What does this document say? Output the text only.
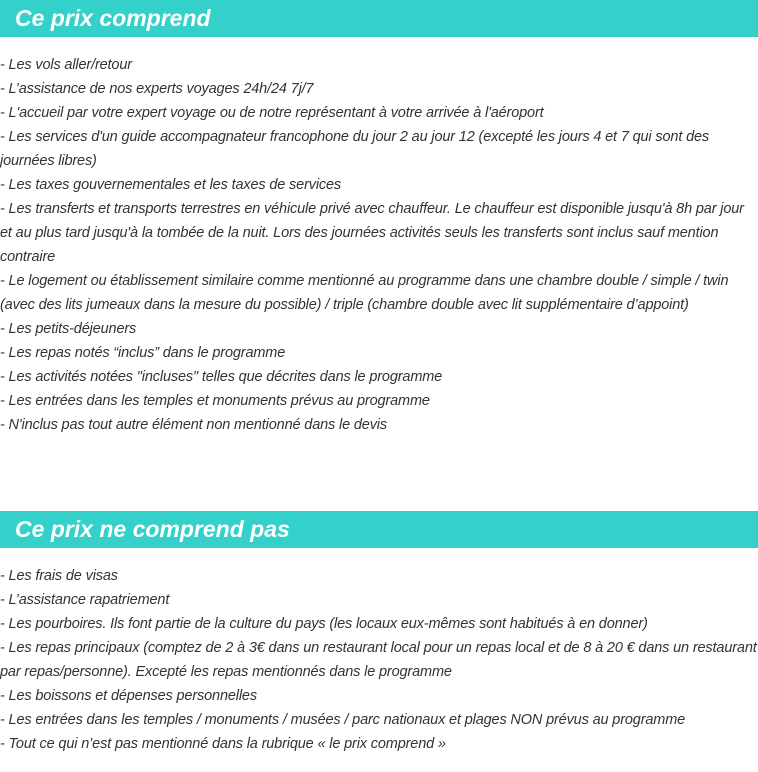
Ce prix comprend
- Les vols aller/retour
- L’assistance de nos experts voyages 24h/24 7j/7
- L'accueil par votre expert voyage ou de notre représentant à votre arrivée à l'aéroport
- Les services d'un guide accompagnateur francophone du jour 2 au jour 12 (excepté les jours 4 et 7 qui sont des journées libres)
- Les taxes gouvernementales et les taxes de services
- Les transferts et transports terrestres en véhicule privé avec chauffeur. Le chauffeur est disponible jusqu'à 8h par jour et au plus tard jusqu'à la tombée de la nuit. Lors des journées activités seuls les transferts sont inclus sauf mention contraire
- Le logement ou établissement similaire comme mentionné au programme dans une chambre double / simple / twin (avec des lits jumeaux dans la mesure du possible) / triple (chambre double avec lit supplémentaire d’appoint)
- Les petits-déjeuners
- Les repas notés “inclus” dans le programme
- Les activités notées "incluses" telles que décrites dans le programme
- Les entrées dans les temples et monuments prévus au programme
- N'inclus pas tout autre élément non mentionné dans le devis
Ce prix ne comprend pas
- Les frais de visas
- L’assistance rapatriement
- Les pourboires. Ils font partie de la culture du pays (les locaux eux-mêmes sont habitués à en donner)
- Les repas principaux (comptez de 2 à 3€ dans un restaurant local pour un repas local et de 8 à 20 € dans un restaurant par repas/personne). Excepté les repas mentionnés dans le programme
- Les boissons et dépenses personnelles
- Les entrées dans les temples / monuments / musées / parc nationaux et plages NON prévus au programme
- Tout ce qui n’est pas mentionné dans la rubrique « le prix comprend »
